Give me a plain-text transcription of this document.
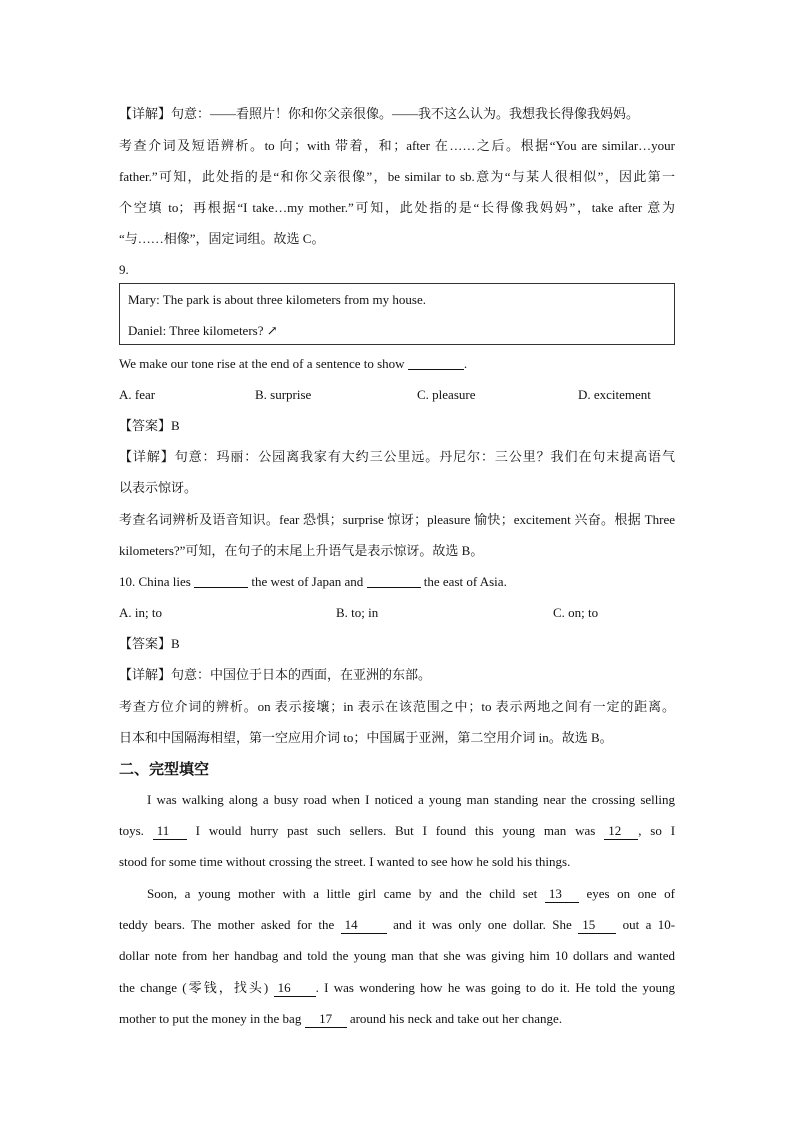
【详解】句意：——看照片！你和你父亲很像。——我不这么认为。我想我长得像我妈妈。
考查介词及短语辨析。to 向；with 带着，和；after 在……之后。根据“You are similar…your
father.”可知，此处指的是“和你父亲很像”，be similar to sb.意为“与某人很相似”，因此第一
个空填 to；再根据“I take…my mother.”可知，此处指的是“长得像我妈妈”，take after 意为
“与……相像”，固定词组。故选 C。
9.
Mary: The park is about three kilometers from my house.
Daniel: Three kilometers? ↗
We make our tone rise at the end of a sentence to show	.
A. fear	B. surprise	C. pleasure	D. excitement
【答案】B
【详解】句意：玛丽：公园离我家有大约三公里远。丹尼尔：三公里？我们在句末提高语气
以表示惊讶。
考查名词辨析及语音知识。fear 恐惧；surprise 惊讶；pleasure 愉快；excitement 兴奋。根据 Three
kilometers?”可知，在句子的末尾上升语气是表示惊讶。故选 B。
10. China lies	the west of Japan and	the east of Asia.
A. in; to	B. to; in	C. on; to
【答案】B
【详解】句意：中国位于日本的西面，在亚洲的东部。
考查方位介词的辨析。on 表示接壤；in 表示在该范围之中；to 表示两地之间有一定的距离。
日本和中国隔海相望，第一空应用介词 to；中国属于亚洲，第二空用介词 in。故选 B。
二、完型填空
I was walking along a busy road when I noticed a young man standing near the crossing selling
toys. 11 I would hurry past such sellers. But I found this young man was 12 , so I
stood for some time without crossing the street. I wanted to see how he sold his things.
Soon, a young mother with a little girl came by and the child set 13 eyes on one of
teddy bears. The mother asked for the 14	and it was only one dollar. She 15 out a 10-
dollar note from her handbag and told the young man that she was giving him 10 dollars and wanted
the change (零钱，找头) 16 . I was wondering how he was going to do it. He told the young
mother to put the money in the bag 17 around his neck and take out her change.
